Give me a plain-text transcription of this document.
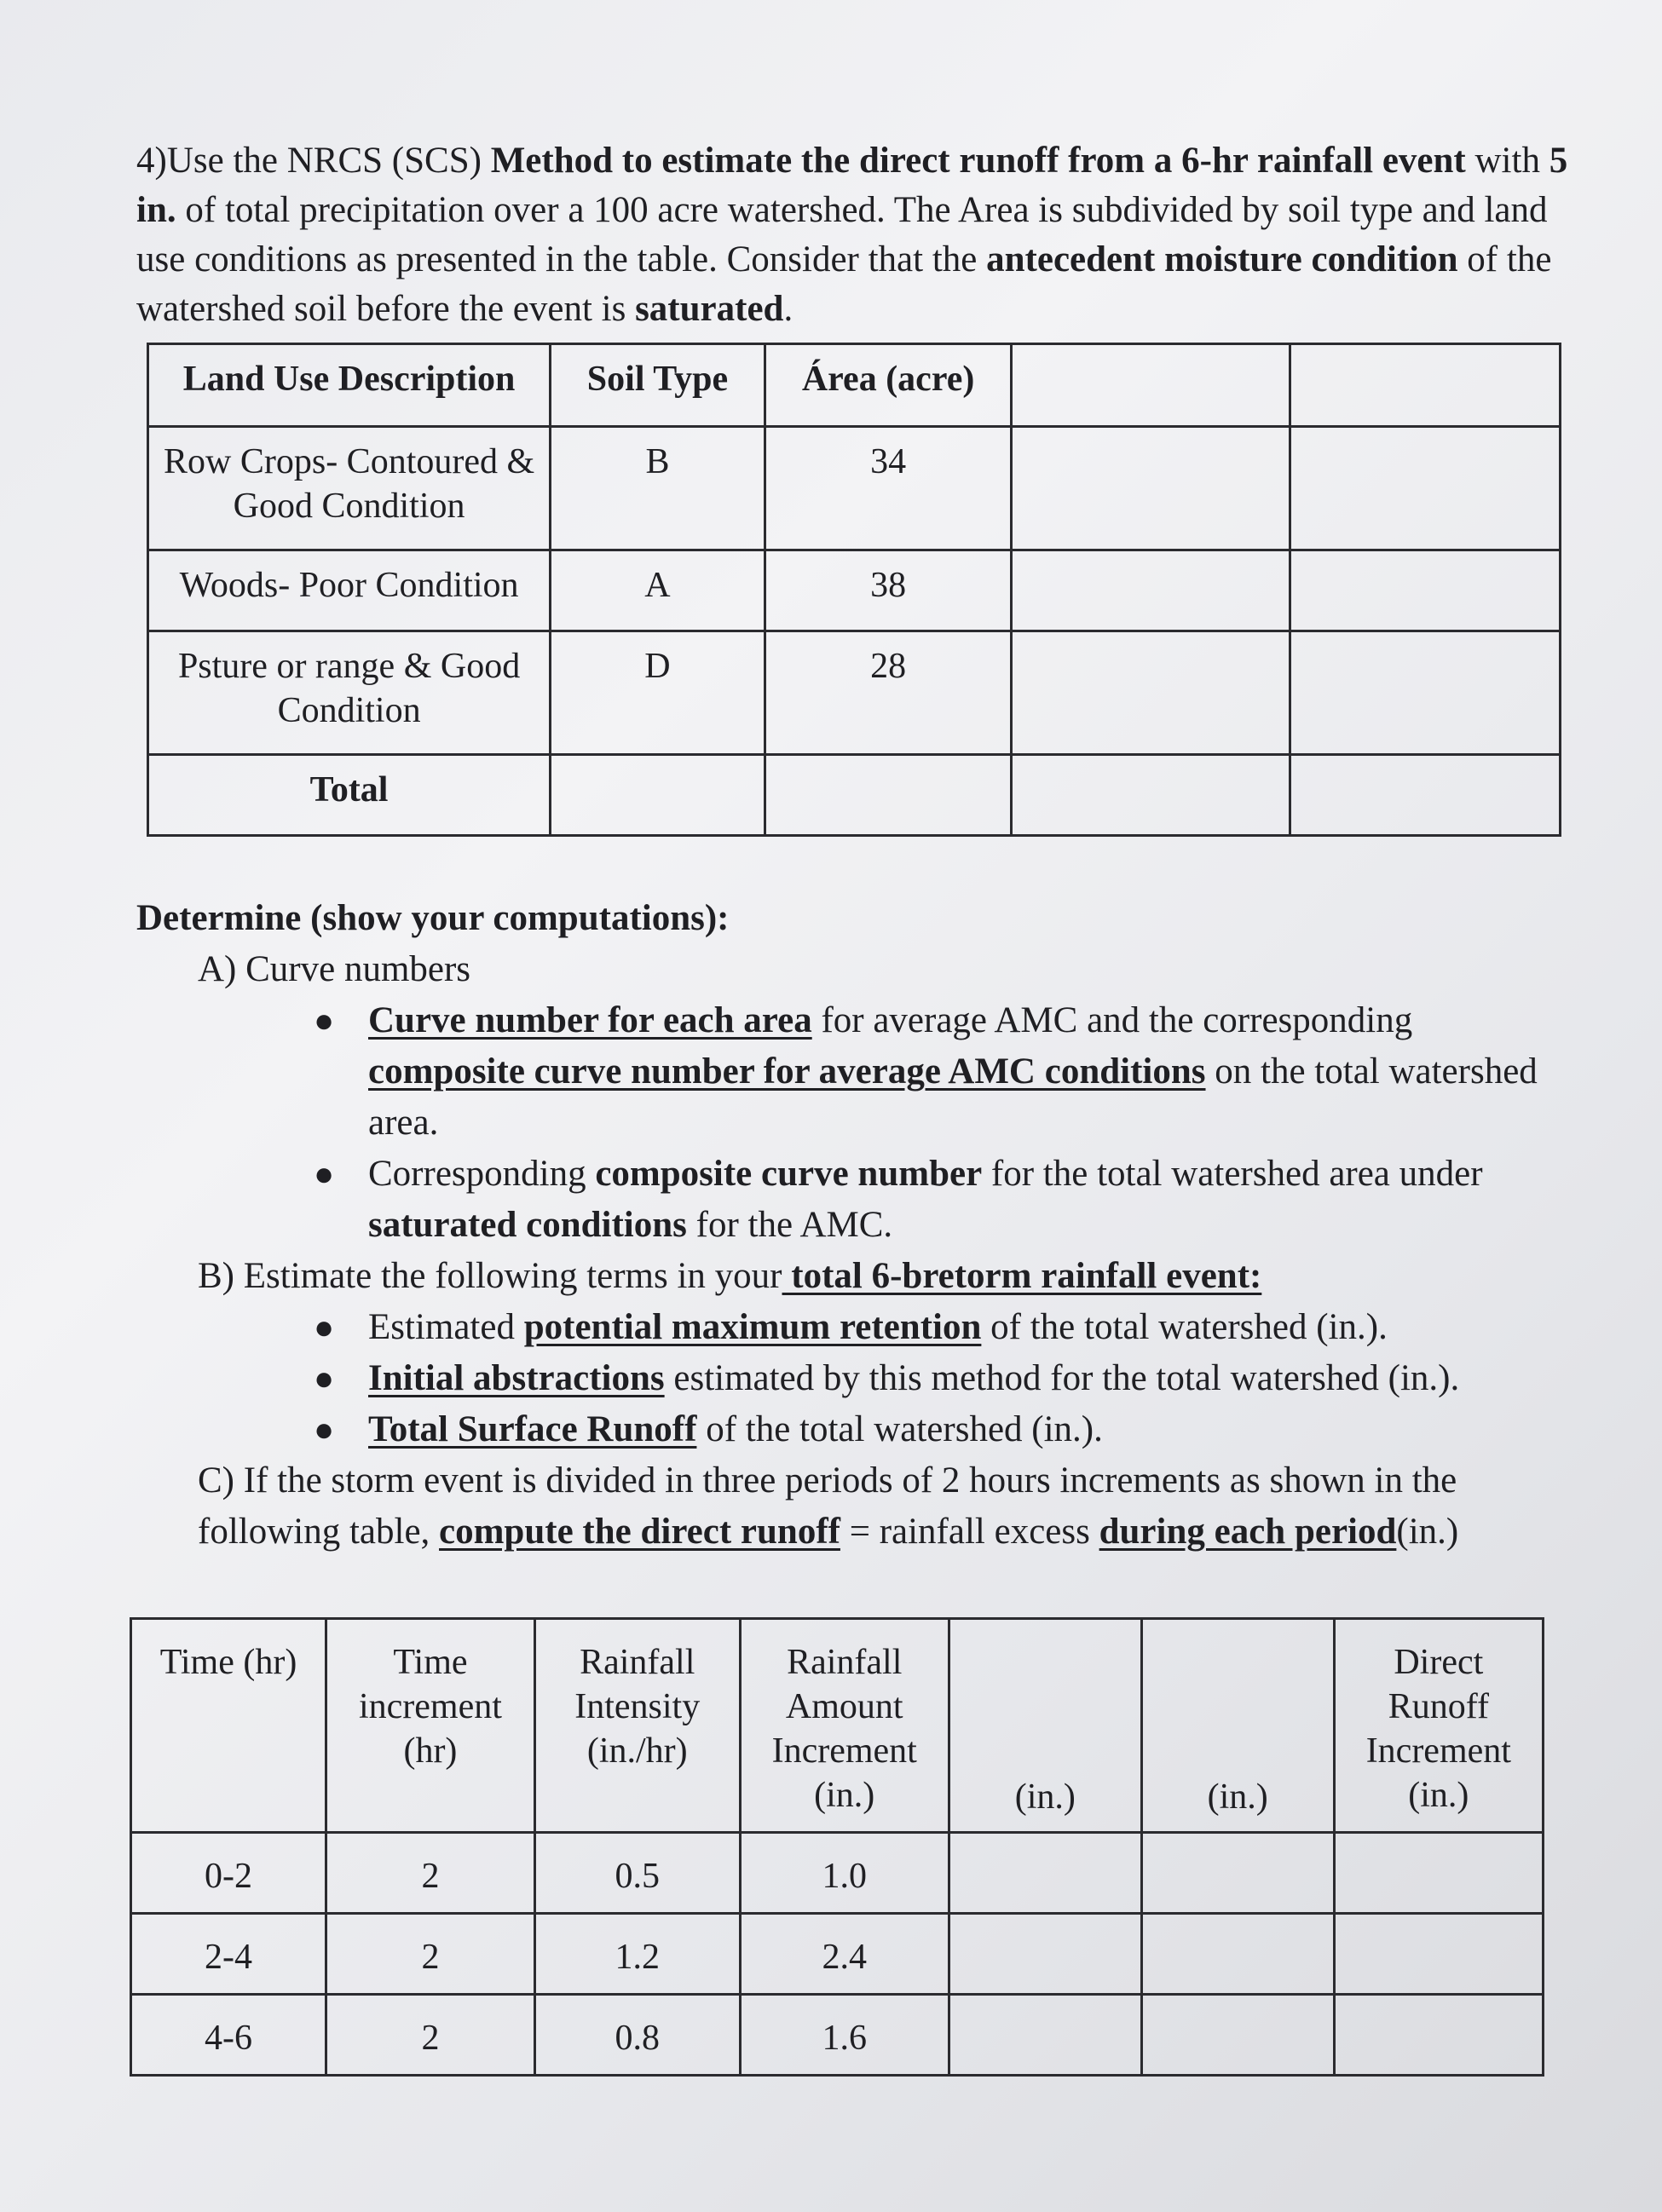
4)Use the NRCS (SCS) Method to estimate the direct runoff from a 6-hr rainfall event with 5 in. of total precipitation over a 100 acre watershed. The Area is subdivided by soil type and land use conditions as presented in the table. Consider that the antecedent moisture condition of the watershed soil before the event is saturated.

Land Use Description	Soil Type	Área (acre)		
Row Crops- Contoured & Good Condition	B	34		
Woods- Poor Condition	A	38		
Psture or range & Good Condition	D	28		
Total				
Determine (show your computations):
A) Curve numbers
● Curve number for each area for average AMC and the corresponding composite curve number for average AMC conditions on the total watershed area.
● Corresponding composite curve number for the total watershed area under saturated conditions for the AMC.
B) Estimate the following terms in your total 6-bretorm rainfall event:
● Estimated potential maximum retention of the total watershed (in.).
● Initial abstractions estimated by this method for the total watershed (in.).
● Total Surface Runoff of the total watershed (in.).
C) If the storm event is divided in three periods of 2 hours increments as shown in the following table, compute the direct runoff = rainfall excess during each period(in.)
Time (hr)	Time increment (hr)	Rainfall Intensity (in./hr)	Rainfall Amount Increment (in.)	(in.)	(in.)	Direct Runoff Increment (in.)
0-2	2	0.5	1.0			
2-4	2	1.2	2.4			
4-6	2	0.8	1.6			
